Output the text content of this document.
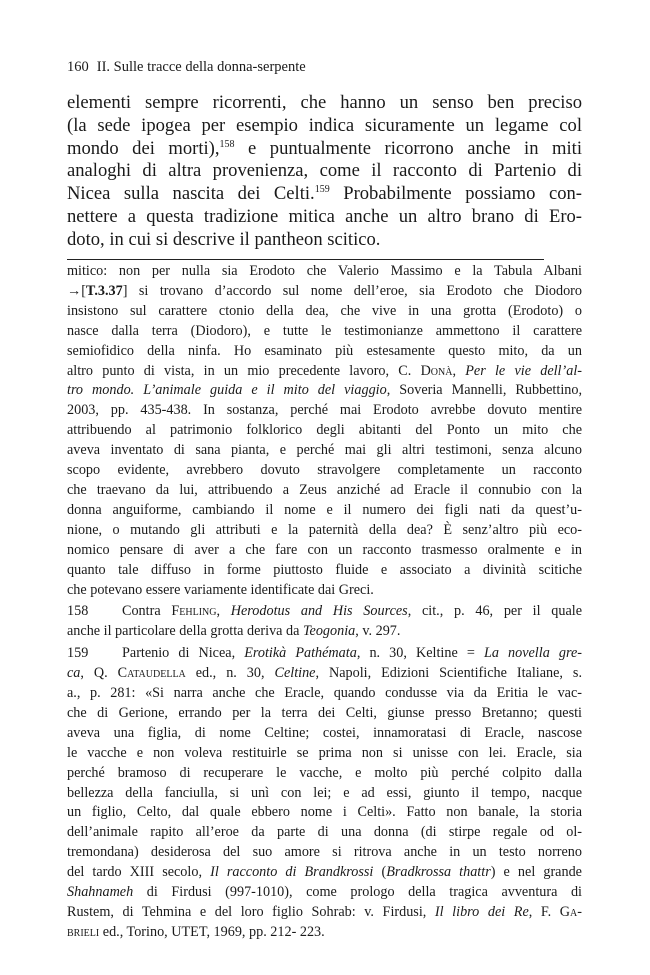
160 II. Sulle tracce della donna-serpente
elementi sempre ricorrenti, che hanno un senso ben preciso
(la sede ipogea per esempio indica sicuramente un legame col
mondo dei morti),$^{158}$ e puntualmente ricorrono anche in miti
analoghi di altra provenienza, come il racconto di Partenio di
Nicea sulla nascita dei Celti.$^{159}$ Probabilmente possiamo con-
nettere a questa tradizione mitica anche un altro brano di Ero-
doto, in cui si descrive il pantheon scitico.
mitico: non per nulla sia Erodoto che Valerio Massimo e la Tabula Albani
→[T.3.37] si trovano d’accordo sul nome dell’eroe, sia Erodoto che Diodoro
insistono sul carattere ctonio della dea, che vive in una grotta (Erodoto) o
nasce dalla terra (Diodoro), e tutte le testimonianze ammettono il carattere
semiofidico della ninfa. Ho esaminato più estesamente questo mito, da un
altro punto di vista, in un mio precedente lavoro, C. Donà, Per le vie dell’al-
tro mondo. L’animale guida e il mito del viaggio, Soveria Mannelli, Rubbettino,
2003, pp. 435-438. In sostanza, perché mai Erodoto avrebbe dovuto mentire
attribuendo al patrimonio folklorico degli abitanti del Ponto un mito che
aveva inventato di sana pianta, e perché mai gli altri testimoni, senza alcuno
scopo evidente, avrebbero dovuto stravolgere completamente un racconto
che traevano da lui, attribuendo a Zeus anziché ad Eracle il connubio con la
donna anguiforme, cambiando il nome e il numero dei figli nati da quest’u-
nione, o mutando gli attributi e la paternità della dea? È senz’altro più eco-
nomico pensare di aver a che fare con un racconto trasmesso oralmente e in
quanto tale diffuso in forme piuttosto fluide e associato a divinità scitiche
che potevano essere variamente identificate dai Greci.
158 Contra Fehling, Herodotus and His Sources, cit., p. 46, per il quale
anche il particolare della grotta deriva da Teogonia, v. 297.
159 Partenio di Nicea, Erotikà Pathémata, n. 30, Keltine = La novella gre-
ca, Q. Cataudella ed., n. 30, Celtine, Napoli, Edizioni Scientifiche Italiane, s.
a., p. 281: «Si narra anche che Eracle, quando condusse via da Eritia le vac-
che di Gerione, errando per la terra dei Celti, giunse presso Bretanno; questi
aveva una figlia, di nome Celtine; costei, innamoratasi di Eracle, nascose
le vacche e non voleva restituirle se prima non si unisse con lei. Eracle, sia
perché bramoso di recuperare le vacche, e molto più perché colpito dalla
bellezza della fanciulla, si unì con lei; e ad essi, giunto il tempo, nacque
un figlio, Celto, dal quale ebbero nome i Celti». Fatto non banale, la storia
dell’animale rapito all’eroe da parte di una donna (di stirpe regale od ol-
tremondana) desiderosa del suo amore si ritrova anche in un testo norreno
del tardo XIII secolo, Il racconto di Brandkrossi (Bradkrossa thattr) e nel grande
Shahnameh di Firdusi (997-1010), come prologo della tragica avventura di
Rustem, di Tehmina e del loro figlio Sohrab: v. Firdusi, Il libro dei Re, F. Ga-
brieli ed., Torino, UTET, 1969, pp. 212- 223.
